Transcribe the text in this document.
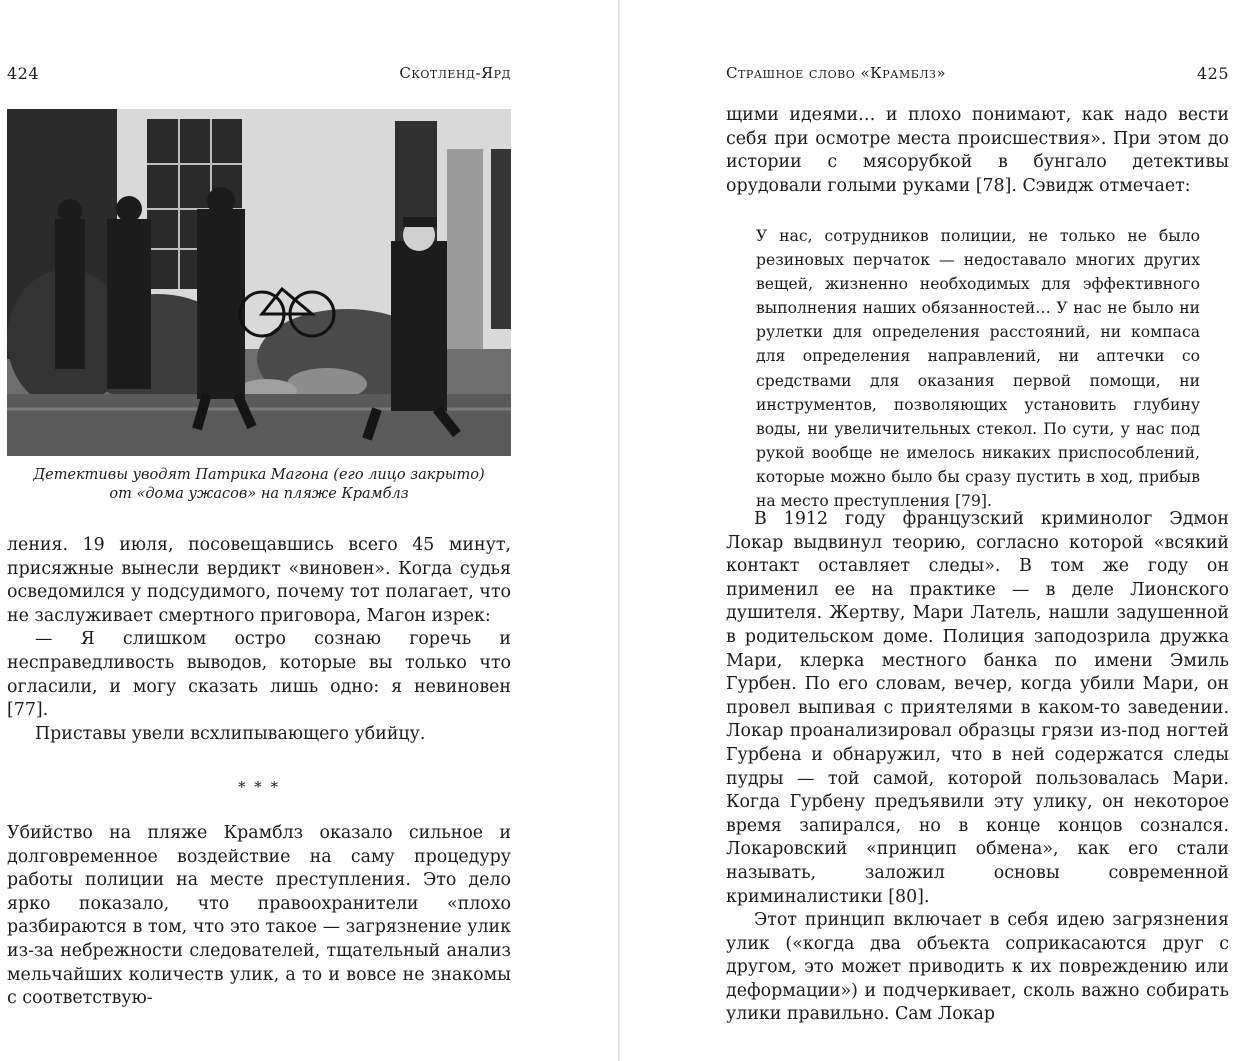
424	Скотленд-Ярд
Детективы уводят Патрика Магона (его лицо закрыто)
от «дома ужасов» на пляже Крамблз

ления. 19 июля, посовещавшись всего 45 минут, присяжные вынесли вердикт «виновен». Когда судья осведомился у подсудимого, почему тот полагает, что не заслуживает смертного приговора, Магон изрек:

— Я слишком остро сознаю горечь и несправедливость выводов, которые вы только что огласили, и могу сказать лишь одно: я невиновен [77].

Приставы увели всхлипывающего убийцу.

* * *

Убийство на пляже Крамблз оказало сильное и долговременное воздействие на саму процедуру работы полиции на месте преступления. Это дело ярко показало, что правоохранители «плохо разбираются в том, что это такое — загрязнение улик из-за небрежности следователей, тщательный анализ мельчайших количеств улик, а то и вовсе не знакомы с соответствую-

Страшное слово «Крамблз»	425

щими идеями… и плохо понимают, как надо вести себя при осмотре места происшествия». При этом до истории с мясорубкой в бунгало детективы орудовали голыми руками [78]. Сэвидж отмечает:

У нас, сотрудников полиции, не только не было резиновых перчаток — недоставало многих других вещей, жизненно необходимых для эффективного выполнения наших обязанностей… У нас не было ни рулетки для определения расстояний, ни компаса для определения направлений, ни аптечки со средствами для оказания первой помощи, ни инструментов, позволяющих установить глубину воды, ни увеличительных стекол. По сути, у нас под рукой вообще не имелось никаких приспособлений, которые можно было бы сразу пустить в ход, прибыв на место преступления [79].

В 1912 году французский криминолог Эдмон Локар выдвинул теорию, согласно которой «всякий контакт оставляет следы». В том же году он применил ее на практике — в деле Лионского душителя. Жертву, Мари Латель, нашли задушенной в родительском доме. Полиция заподозрила дружка Мари, клерка местного банка по имени Эмиль Гурбен. По его словам, вечер, когда убили Мари, он провел выпивая с приятелями в каком-то заведении. Локар проанализировал образцы грязи из-под ногтей Гурбена и обнаружил, что в ней содержатся следы пудры — той самой, которой пользовалась Мари. Когда Гурбену предъявили эту улику, он некоторое время запирался, но в конце концов сознался. Локаровский «принцип обмена», как его стали называть, заложил основы современной криминалистики [80].

Этот принцип включает в себя идею загрязнения улик («когда два объекта соприкасаются друг с другом, это может приводить к их повреждению или деформации») и подчеркивает, сколь важно собирать улики правильно. Сам Локар
